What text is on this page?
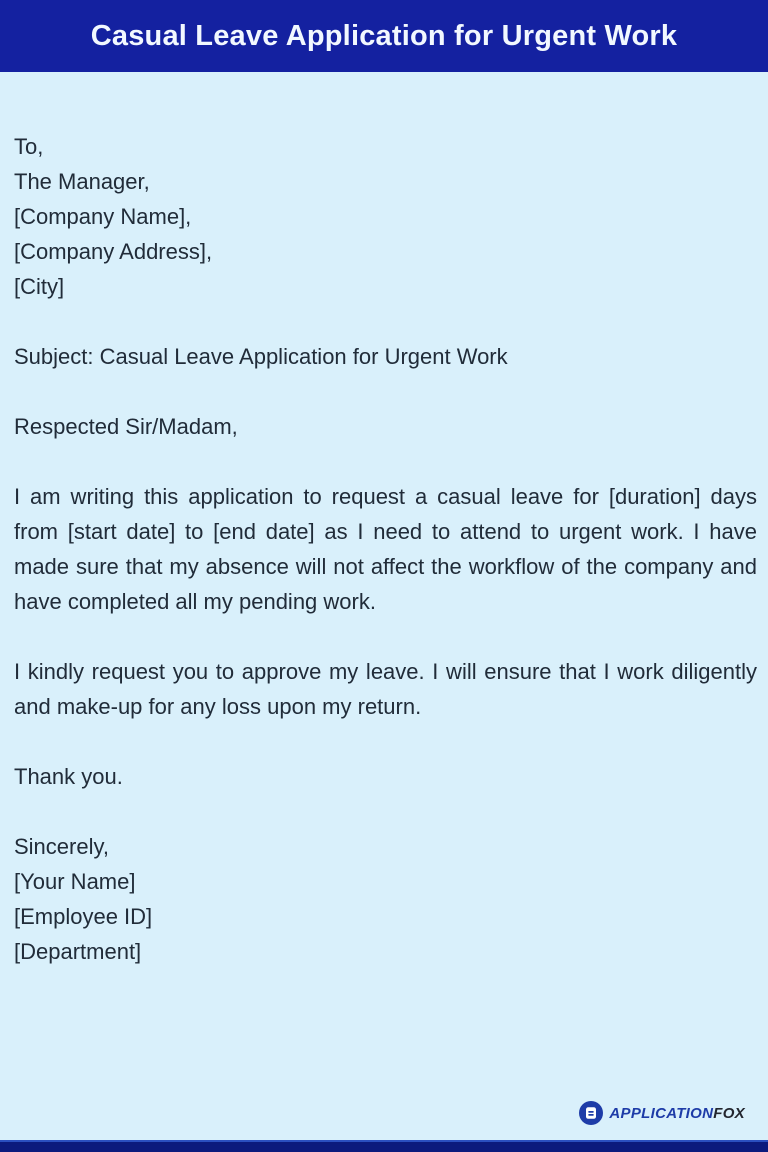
Casual Leave Application for Urgent Work
To,
The Manager,
[Company Name],
[Company Address],
[City]
Subject: Casual Leave Application for Urgent Work
Respected Sir/Madam,

I am writing this application to request a casual leave for [duration] days from [start date] to [end date] as I need to attend to urgent work. I have made sure that my absence will not affect the workflow of the company and have completed all my pending work.

I kindly request you to approve my leave. I will ensure that I work diligently and make-up for any loss upon my return.

Thank you.
Sincerely,
[Your Name]
[Employee ID]
[Department]
APPLICATIONFOX
